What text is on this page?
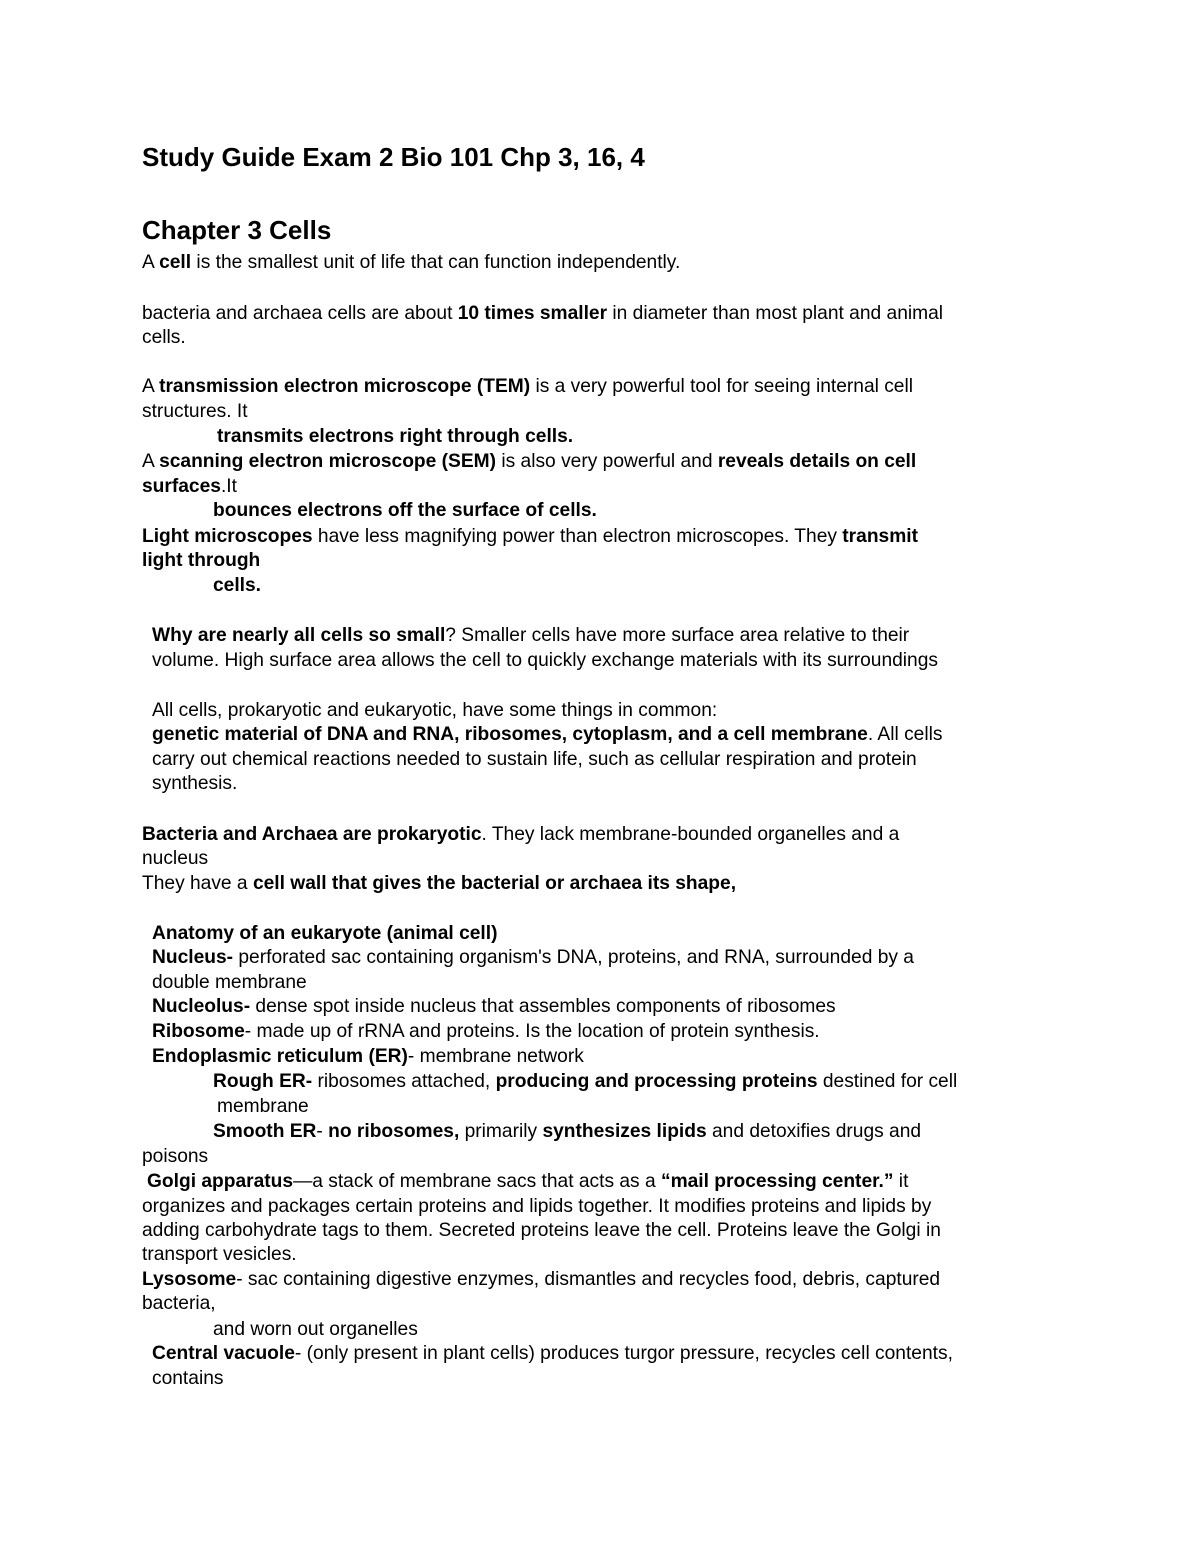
Study Guide Exam 2 Bio 101 Chp 3, 16, 4
Chapter 3 Cells
A cell is the smallest unit of life that can function independently.
bacteria and archaea cells are about 10 times smaller in diameter than most plant and animal
cells.
A transmission electron microscope (TEM) is a very powerful tool for seeing internal cell
structures. It
transmits electrons right through cells.
A scanning electron microscope (SEM) is also very powerful and reveals details on cell
surfaces.It
bounces electrons off the surface of cells.
Light microscopes have less magnifying power than electron microscopes. They transmit
light through
cells.
Why are nearly all cells so small? Smaller cells have more surface area relative to their
volume. High surface area allows the cell to quickly exchange materials with its surroundings
All cells, prokaryotic and eukaryotic, have some things in common:
genetic material of DNA and RNA, ribosomes, cytoplasm, and a cell membrane. All cells
carry out chemical reactions needed to sustain life, such as cellular respiration and protein
synthesis.
Bacteria and Archaea are prokaryotic. They lack membrane-bounded organelles and a
nucleus
They have a cell wall that gives the bacterial or archaea its shape,
Anatomy of an eukaryote (animal cell)
Nucleus- perforated sac containing organism's DNA, proteins, and RNA, surrounded by a
double membrane
Nucleolus- dense spot inside nucleus that assembles components of ribosomes
Ribosome- made up of rRNA and proteins. Is the location of protein synthesis.
Endoplasmic reticulum (ER)- membrane network
Rough ER- ribosomes attached, producing and processing proteins destined for cell
membrane
Smooth ER- no ribosomes, primarily synthesizes lipids and detoxifies drugs and
poisons
Golgi apparatus—a stack of membrane sacs that acts as a “mail processing center.” it
organizes and packages certain proteins and lipids together. It modifies proteins and lipids by
adding carbohydrate tags to them. Secreted proteins leave the cell. Proteins leave the Golgi in
transport vesicles.
Lysosome- sac containing digestive enzymes, dismantles and recycles food, debris, captured
bacteria,
and worn out organelles
Central vacuole- (only present in plant cells) produces turgor pressure, recycles cell contents,
contains
